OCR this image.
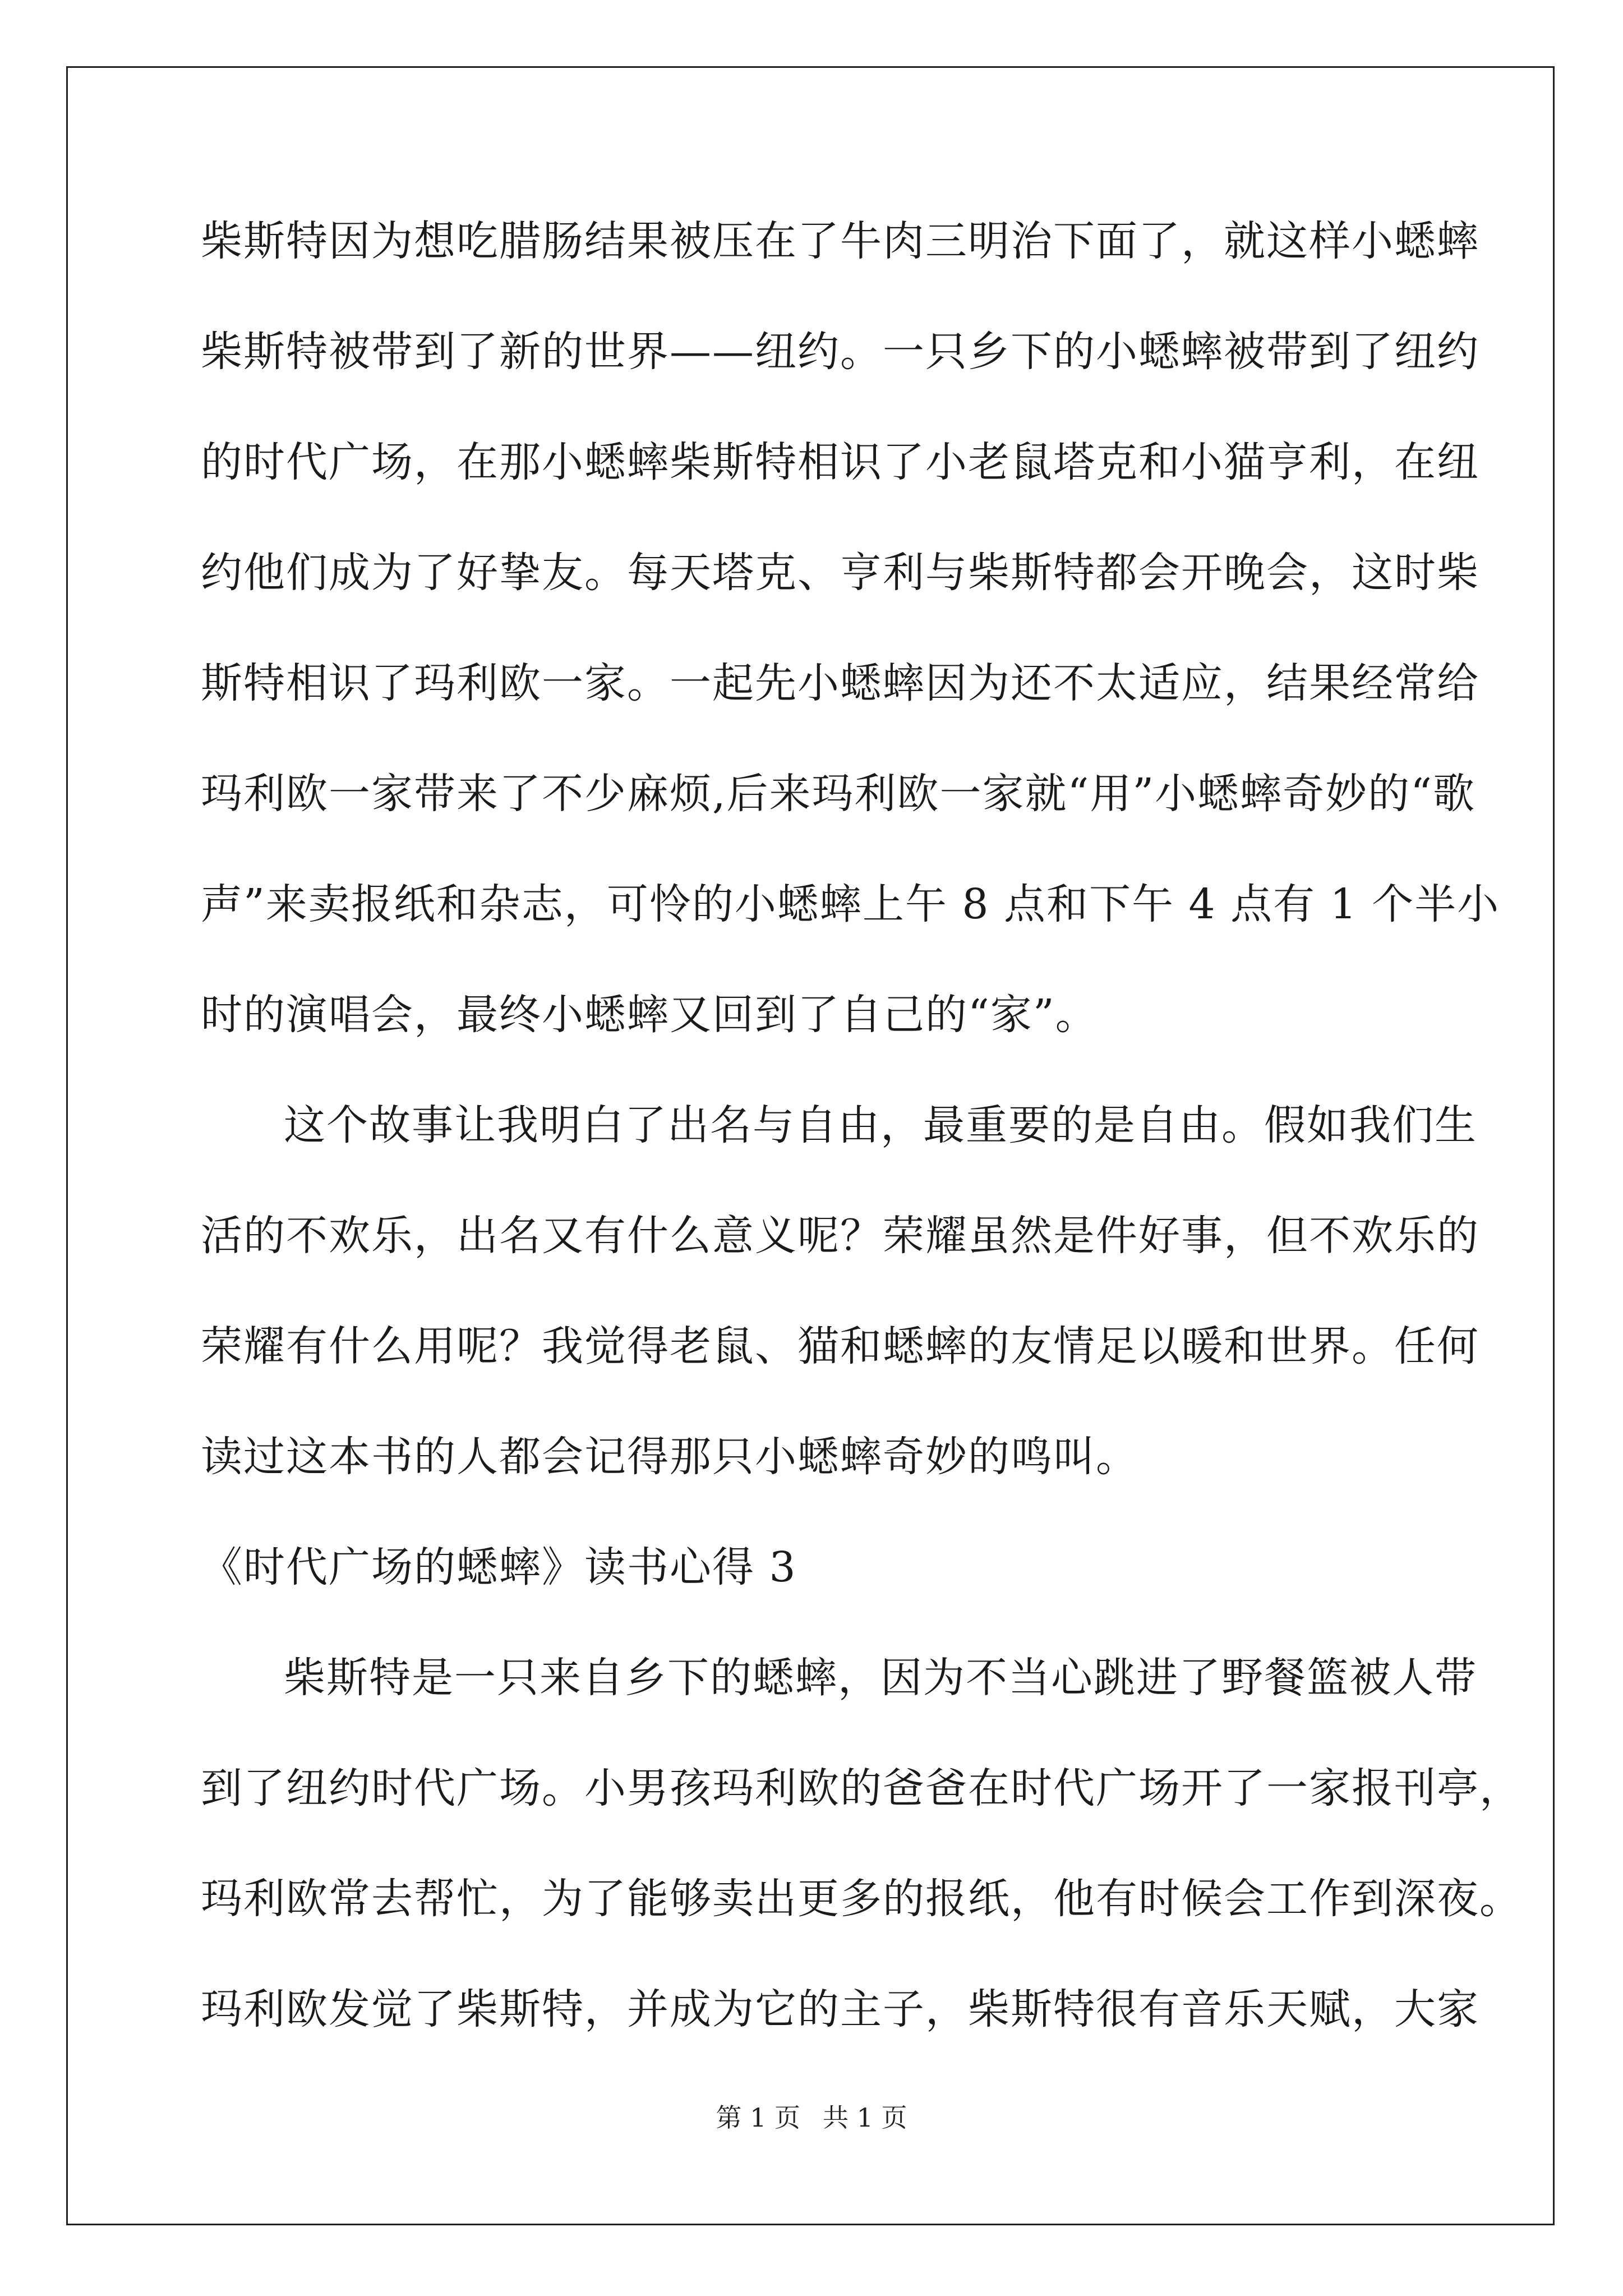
柴斯特因为想吃腊肠结果被压在了牛肉三明治下面了，就这样小蟋蟀
柴斯特被带到了新的世界——纽约。一只乡下的小蟋蟀被带到了纽约
的时代广场，在那小蟋蟀柴斯特相识了小老鼠塔克和小猫亨利，在纽
约他们成为了好挚友。每天塔克、亨利与柴斯特都会开晚会，这时柴
斯特相识了玛利欧一家。一起先小蟋蟀因为还不太适应，结果经常给
玛利欧一家带来了不少麻烦,后来玛利欧一家就“用”小蟋蟀奇妙的“歌
声”来卖报纸和杂志，可怜的小蟋蟀上午 8 点和下午 4 点有 1 个半小
时的演唱会，最终小蟋蟀又回到了自己的“家”。
这个故事让我明白了出名与自由，最重要的是自由。假如我们生
活的不欢乐，出名又有什么意义呢？荣耀虽然是件好事，但不欢乐的
荣耀有什么用呢？我觉得老鼠、猫和蟋蟀的友情足以暖和世界。任何
读过这本书的人都会记得那只小蟋蟀奇妙的鸣叫。
《时代广场的蟋蟀》读书心得 3
柴斯特是一只来自乡下的蟋蟀，因为不当心跳进了野餐篮被人带
到了纽约时代广场。小男孩玛利欧的爸爸在时代广场开了一家报刊亭，
玛利欧常去帮忙，为了能够卖出更多的报纸，他有时候会工作到深夜。
玛利欧发觉了柴斯特，并成为它的主子，柴斯特很有音乐天赋，大家
第 1 页 共 1 页
